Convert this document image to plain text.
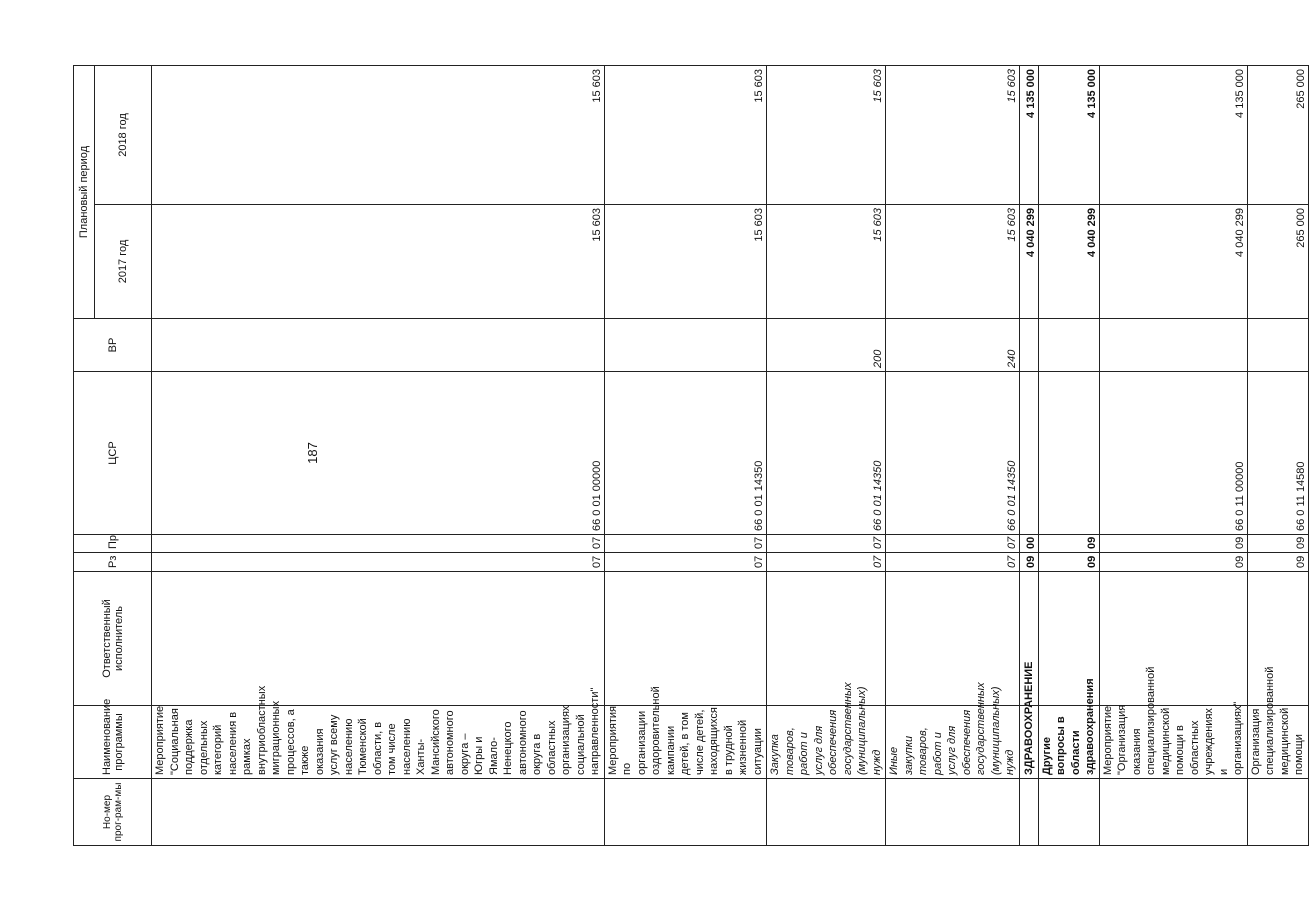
187
Но-мер прог-рам-мы	Наименование программы	Ответственный исполнитель	Рз	Пр	ЦСР	ВР	Плановый период	
							2017 год	2018 год
	Мероприятие "Социальная поддержка отдельных категорий населения в рамках внутриобластных миграционных процессов, а также оказания услуг всему населению Тюменской области, в том числе населению Ханты-Мансийского автономного округа – Югры и Ямало-Ненецкого автономного округа в областных организациях социальной направленности"		07	07	66 0 01 00000		15 603	15 603
	Мероприятия по организации оздоровительной кампании детей, в том числе детей, находящихся в трудной жизненной ситуации		07	07	66 0 01 14350		15 603	15 603
	Закупка товаров, работ и услуг для обеспечения государственных (муниципальных) нужд		07	07	66 0 01 14350	200	15 603	15 603
	Иные закупки товаров, работ и услуг для обеспечения государственных (муниципальных) нужд		07	07	66 0 01 14350	240	15 603	15 603
	ЗДРАВООХРАНЕНИЕ		09	00			4 040 299	4 135 000
	Другие вопросы в области здравоохранения		09	09			4 040 299	4 135 000
	Мероприятие "Организация оказания специализированной медицинской помощи в областных учреждениях и организациях"		09	09	66 0 11 00000		4 040 299	4 135 000
	Организация специализированной медицинской помощи		09	09	66 0 11 14580		265 000	265 000
